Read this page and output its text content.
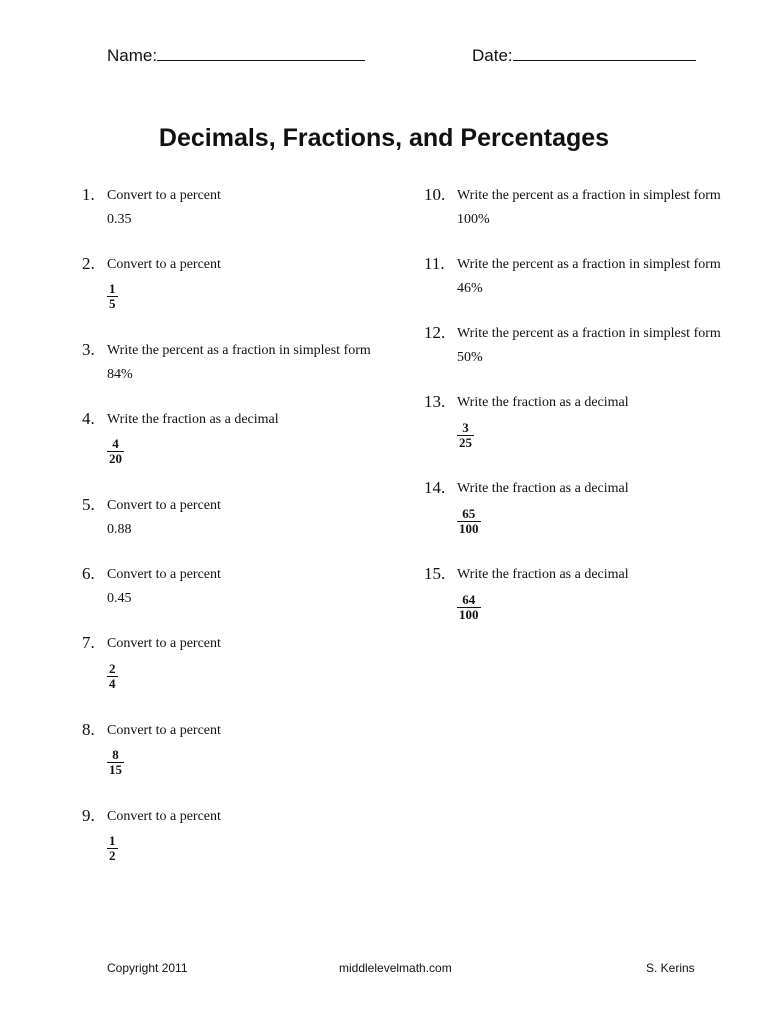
Name:	Date:
Decimals, Fractions, and Percentages
1. Convert to a percent
0.35
2. Convert to a percent
$\frac{1}{5}$
3. Write the percent as a fraction in simplest form
84%
4. Write the fraction as a decimal
$\frac{4}{20}$
5. Convert to a percent
0.88
6. Convert to a percent
0.45
7. Convert to a percent
$\frac{2}{4}$
8. Convert to a percent
$\frac{8}{15}$
9. Convert to a percent
$\frac{1}{2}$
10. Write the percent as a fraction in simplest form
100%
11. Write the percent as a fraction in simplest form
46%
12. Write the percent as a fraction in simplest form
50%
13. Write the fraction as a decimal
$\frac{3}{25}$
14. Write the fraction as a decimal
$\frac{65}{100}$
15. Write the fraction as a decimal
$\frac{64}{100}$
Copyright 2011	middlelevelmath.com	S. Kerins
